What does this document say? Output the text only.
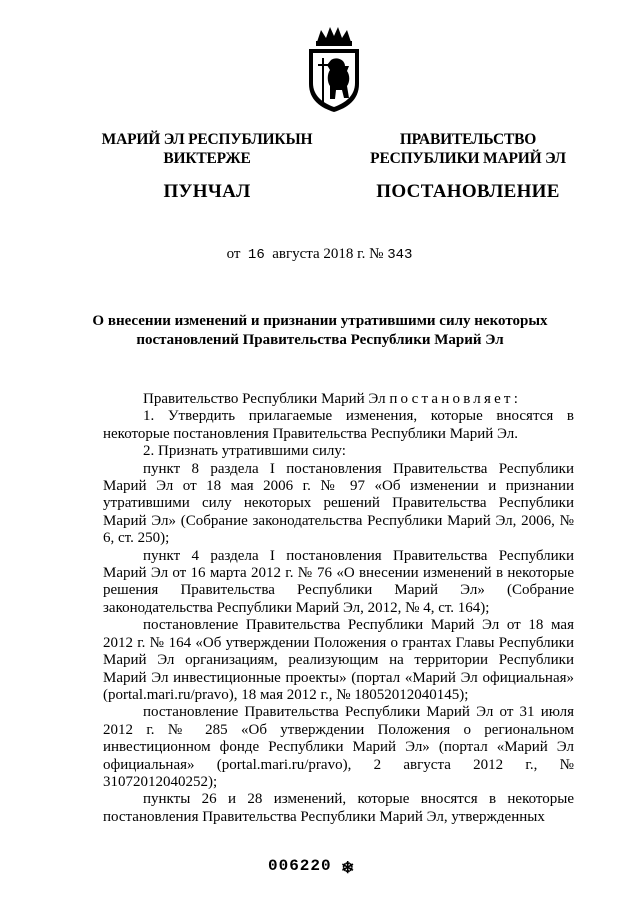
МАРИЙ ЭЛ РЕСПУБЛИКЫН
ВИКТЕРЖЕ
ПУНЧАЛ
ПРАВИТЕЛЬСТВО
РЕСПУБЛИКИ МАРИЙ ЭЛ
ПОСТАНОВЛЕНИЕ
от 16 августа 2018 г. № 343
О внесении изменений и признании утратившими силу некоторых
постановлений Правительства Республики Марий Эл

Правительство Республики Марий Эл постановляет:

1. Утвердить прилагаемые изменения, которые вносятся в некоторые постановления Правительства Республики Марий Эл.

2. Признать утратившими силу:

пункт 8 раздела I постановления Правительства Республики Марий Эл от 18 мая 2006 г. № 97 «Об изменении и признании утратившими силу некоторых решений Правительства Республики Марий Эл» (Собрание законодательства Республики Марий Эл, 2006, № 6, ст. 250);

пункт 4 раздела I постановления Правительства Республики Марий Эл от 16 марта 2012 г. № 76 «О внесении изменений в некоторые решения Правительства Республики Марий Эл» (Собрание законодательства Республики Марий Эл, 2012, № 4, ст. 164);

постановление Правительства Республики Марий Эл от 18 мая 2012 г. № 164 «Об утверждении Положения о грантах Главы Республики Марий Эл организациям, реализующим на территории Республики Марий Эл инвестиционные проекты» (портал «Марий Эл официальная» (portal.mari.ru/pravo), 18 мая 2012 г., № 18052012040145);

постановление Правительства Республики Марий Эл от 31 июля 2012 г. № 285 «Об утверждении Положения о региональном инвестиционном фонде Республики Марий Эл» (портал «Марий Эл официальная» (portal.mari.ru/pravo), 2 августа 2012 г., № 31072012040252);

пункты 26 и 28 изменений, которые вносятся в некоторые постановления Правительства Республики Марий Эл, утвержденных

006220 ❄
